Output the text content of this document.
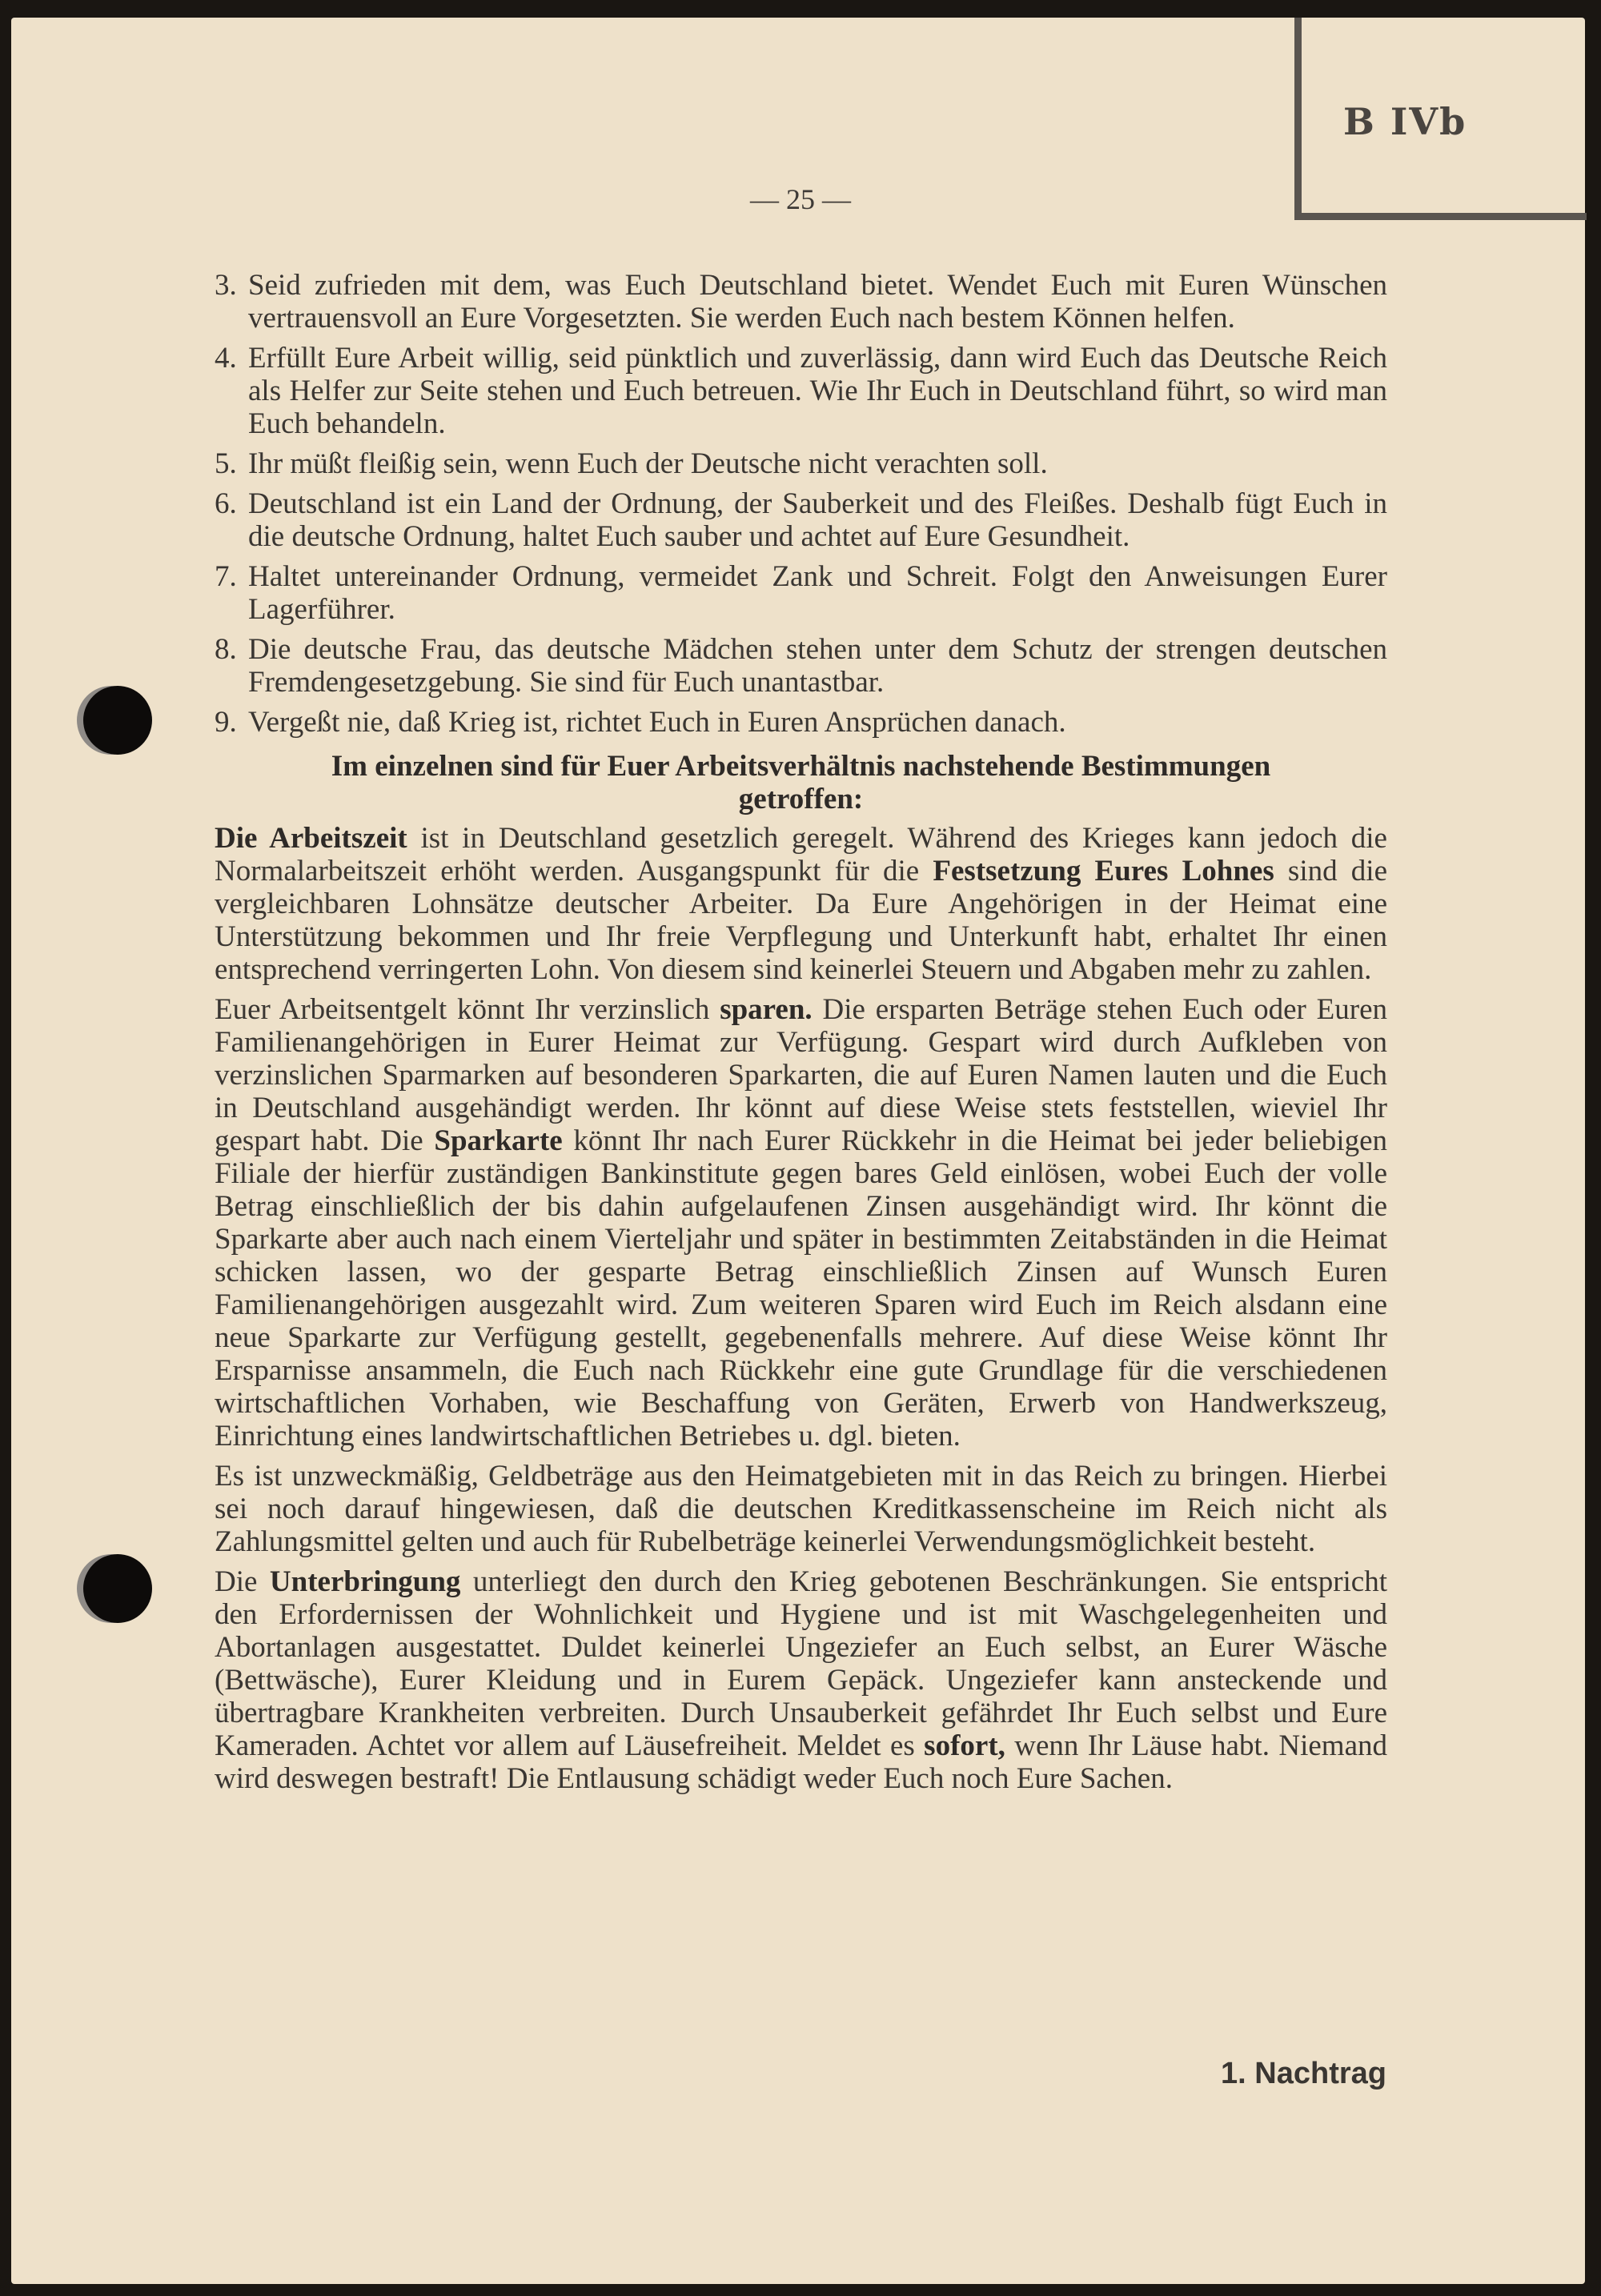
B IVb
— 25 —
3. Seid zufrieden mit dem, was Euch Deutschland bietet. Wendet Euch mit Euren Wünschen vertrauensvoll an Eure Vorgesetzten. Sie werden Euch nach bestem Können helfen.
4. Erfüllt Eure Arbeit willig, seid pünktlich und zuverlässig, dann wird Euch das Deutsche Reich als Helfer zur Seite stehen und Euch betreuen. Wie Ihr Euch in Deutschland führt, so wird man Euch behandeln.
5. Ihr müßt fleißig sein, wenn Euch der Deutsche nicht verachten soll.
6. Deutschland ist ein Land der Ordnung, der Sauberkeit und des Fleißes. Deshalb fügt Euch in die deutsche Ordnung, haltet Euch sauber und achtet auf Eure Gesundheit.
7. Haltet untereinander Ordnung, vermeidet Zank und Schreit. Folgt den Anweisungen Eurer Lagerführer.
8. Die deutsche Frau, das deutsche Mädchen stehen unter dem Schutz der strengen deutschen Fremdengesetzgebung. Sie sind für Euch unantastbar.
9. Vergeßt nie, daß Krieg ist, richtet Euch in Euren Ansprüchen danach.
Im einzelnen sind für Euer Arbeitsverhältnis nachstehende Bestimmungen getroffen:

Die Arbeitszeit ist in Deutschland gesetzlich geregelt. Während des Krieges kann jedoch die Normalarbeitszeit erhöht werden. Ausgangspunkt für die Festsetzung Eures Lohnes sind die vergleichbaren Lohnsätze deutscher Arbeiter. Da Eure Angehörigen in der Heimat eine Unterstützung bekommen und Ihr freie Verpflegung und Unterkunft habt, erhaltet Ihr einen entsprechend verringerten Lohn. Von diesem sind keinerlei Steuern und Abgaben mehr zu zahlen.

Euer Arbeitsentgelt könnt Ihr verzinslich sparen. Die ersparten Beträge stehen Euch oder Euren Familienangehörigen in Eurer Heimat zur Verfügung. Gespart wird durch Aufkleben von verzinslichen Sparmarken auf besonderen Sparkarten, die auf Euren Namen lauten und die Euch in Deutschland ausgehändigt werden. Ihr könnt auf diese Weise stets feststellen, wieviel Ihr gespart habt. Die Sparkarte könnt Ihr nach Eurer Rückkehr in die Heimat bei jeder beliebigen Filiale der hierfür zuständigen Bankinstitute gegen bares Geld einlösen, wobei Euch der volle Betrag einschließlich der bis dahin aufgelaufenen Zinsen ausgehändigt wird. Ihr könnt die Sparkarte aber auch nach einem Vierteljahr und später in bestimmten Zeitabständen in die Heimat schicken lassen, wo der gesparte Betrag einschließlich Zinsen auf Wunsch Euren Familienangehörigen ausgezahlt wird. Zum weiteren Sparen wird Euch im Reich alsdann eine neue Sparkarte zur Verfügung gestellt, gegebenenfalls mehrere. Auf diese Weise könnt Ihr Ersparnisse ansammeln, die Euch nach Rückkehr eine gute Grundlage für die verschiedenen wirtschaftlichen Vorhaben, wie Beschaffung von Geräten, Erwerb von Handwerkszeug, Einrichtung eines landwirtschaftlichen Betriebes u. dgl. bieten.

Es ist unzweckmäßig, Geldbeträge aus den Heimatgebieten mit in das Reich zu bringen. Hierbei sei noch darauf hingewiesen, daß die deutschen Kreditkassenscheine im Reich nicht als Zahlungsmittel gelten und auch für Rubelbeträge keinerlei Verwendungsmöglichkeit besteht.

Die Unterbringung unterliegt den durch den Krieg gebotenen Beschränkungen. Sie entspricht den Erfordernissen der Wohnlichkeit und Hygiene und ist mit Waschgelegenheiten und Abortanlagen ausgestattet. Duldet keinerlei Ungeziefer an Euch selbst, an Eurer Wäsche (Bettwäsche), Eurer Kleidung und in Eurem Gepäck. Ungeziefer kann ansteckende und übertragbare Krankheiten verbreiten. Durch Unsauberkeit gefährdet Ihr Euch selbst und Eure Kameraden. Achtet vor allem auf Läusefreiheit. Meldet es sofort, wenn Ihr Läuse habt. Niemand wird deswegen bestraft! Die Entlausung schädigt weder Euch noch Eure Sachen.

1. Nachtrag
